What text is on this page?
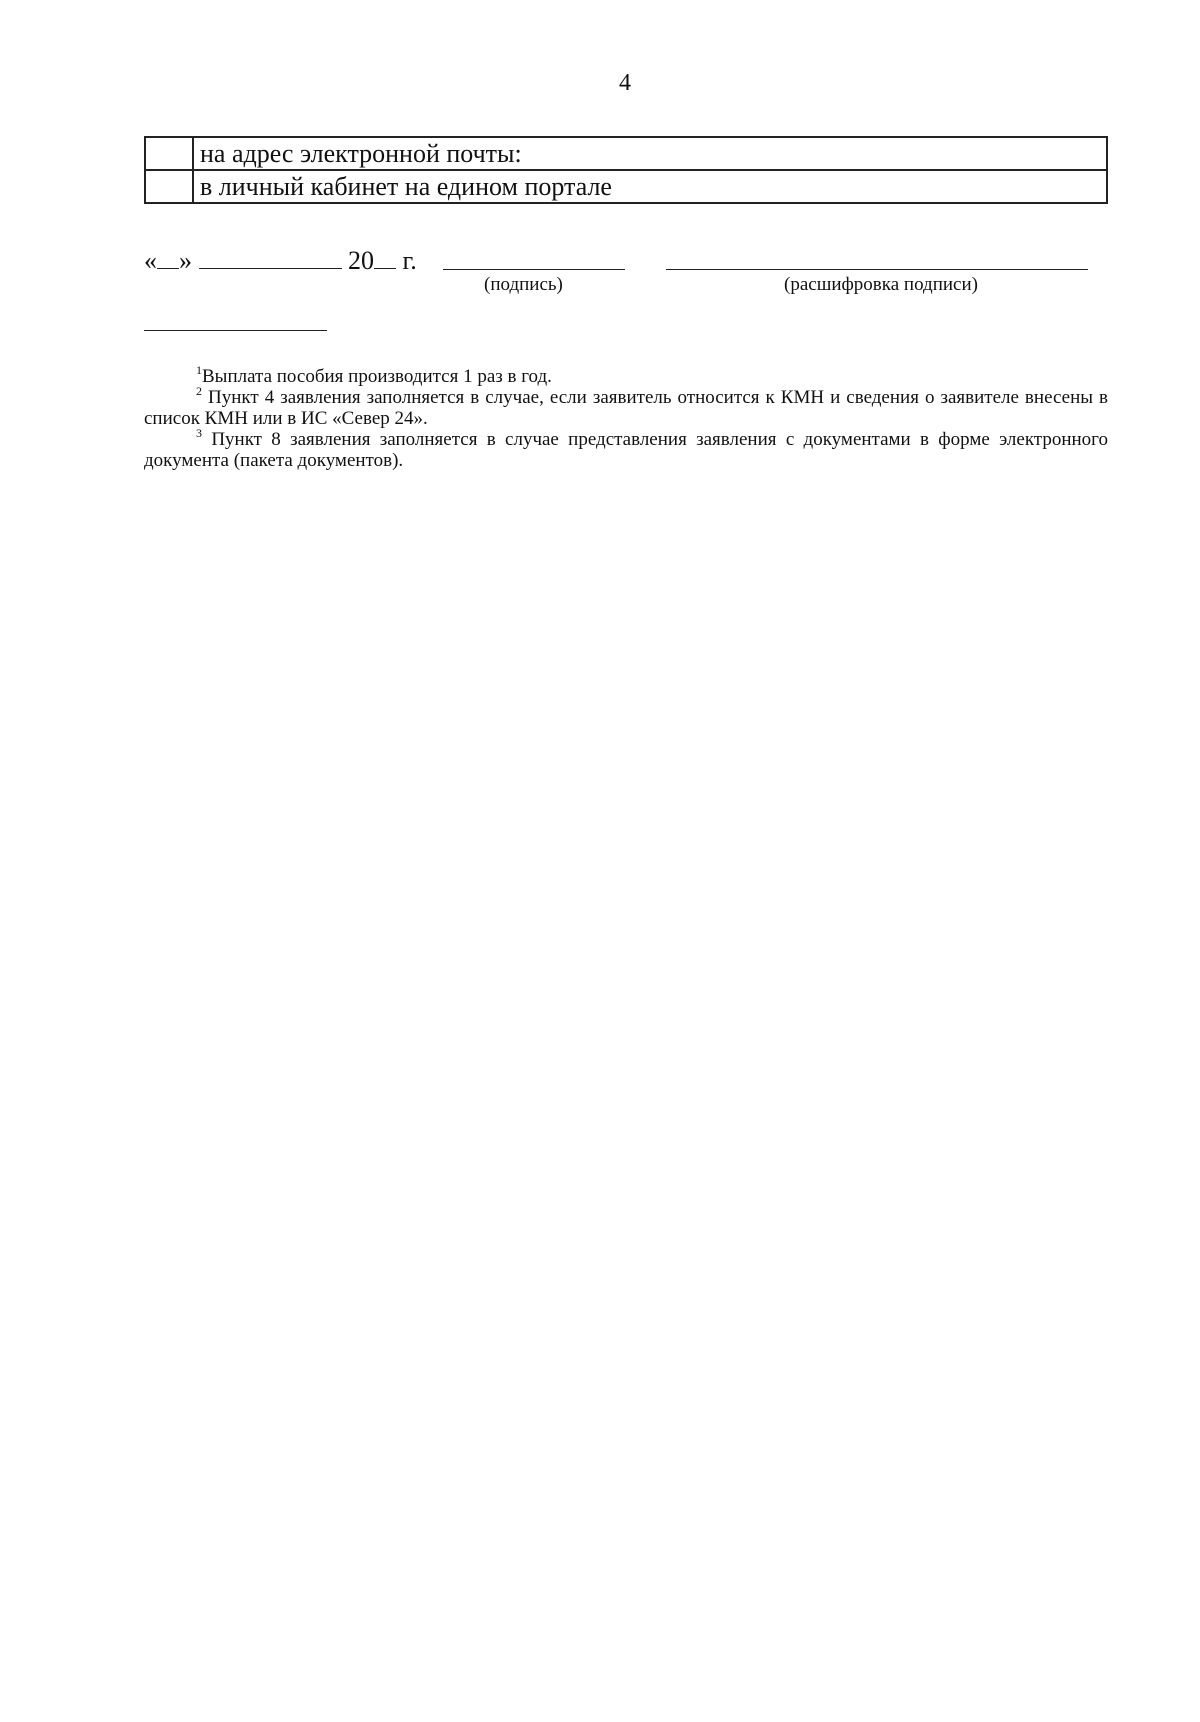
4
	на адрес электронной почты:
	в личный кабинет на едином портале
« »	20 г.
(подпись)	(расшифровка подписи)

$^1$Выплата пособия производится 1 раз в год.

$^2$ Пункт 4 заявления заполняется в случае, если заявитель относится к КМН и сведения о заявителе внесены в список КМН или в ИС «Север 24».

$^3$ Пункт 8 заявления заполняется в случае представления заявления с документами в форме электронного документа (пакета документов).
